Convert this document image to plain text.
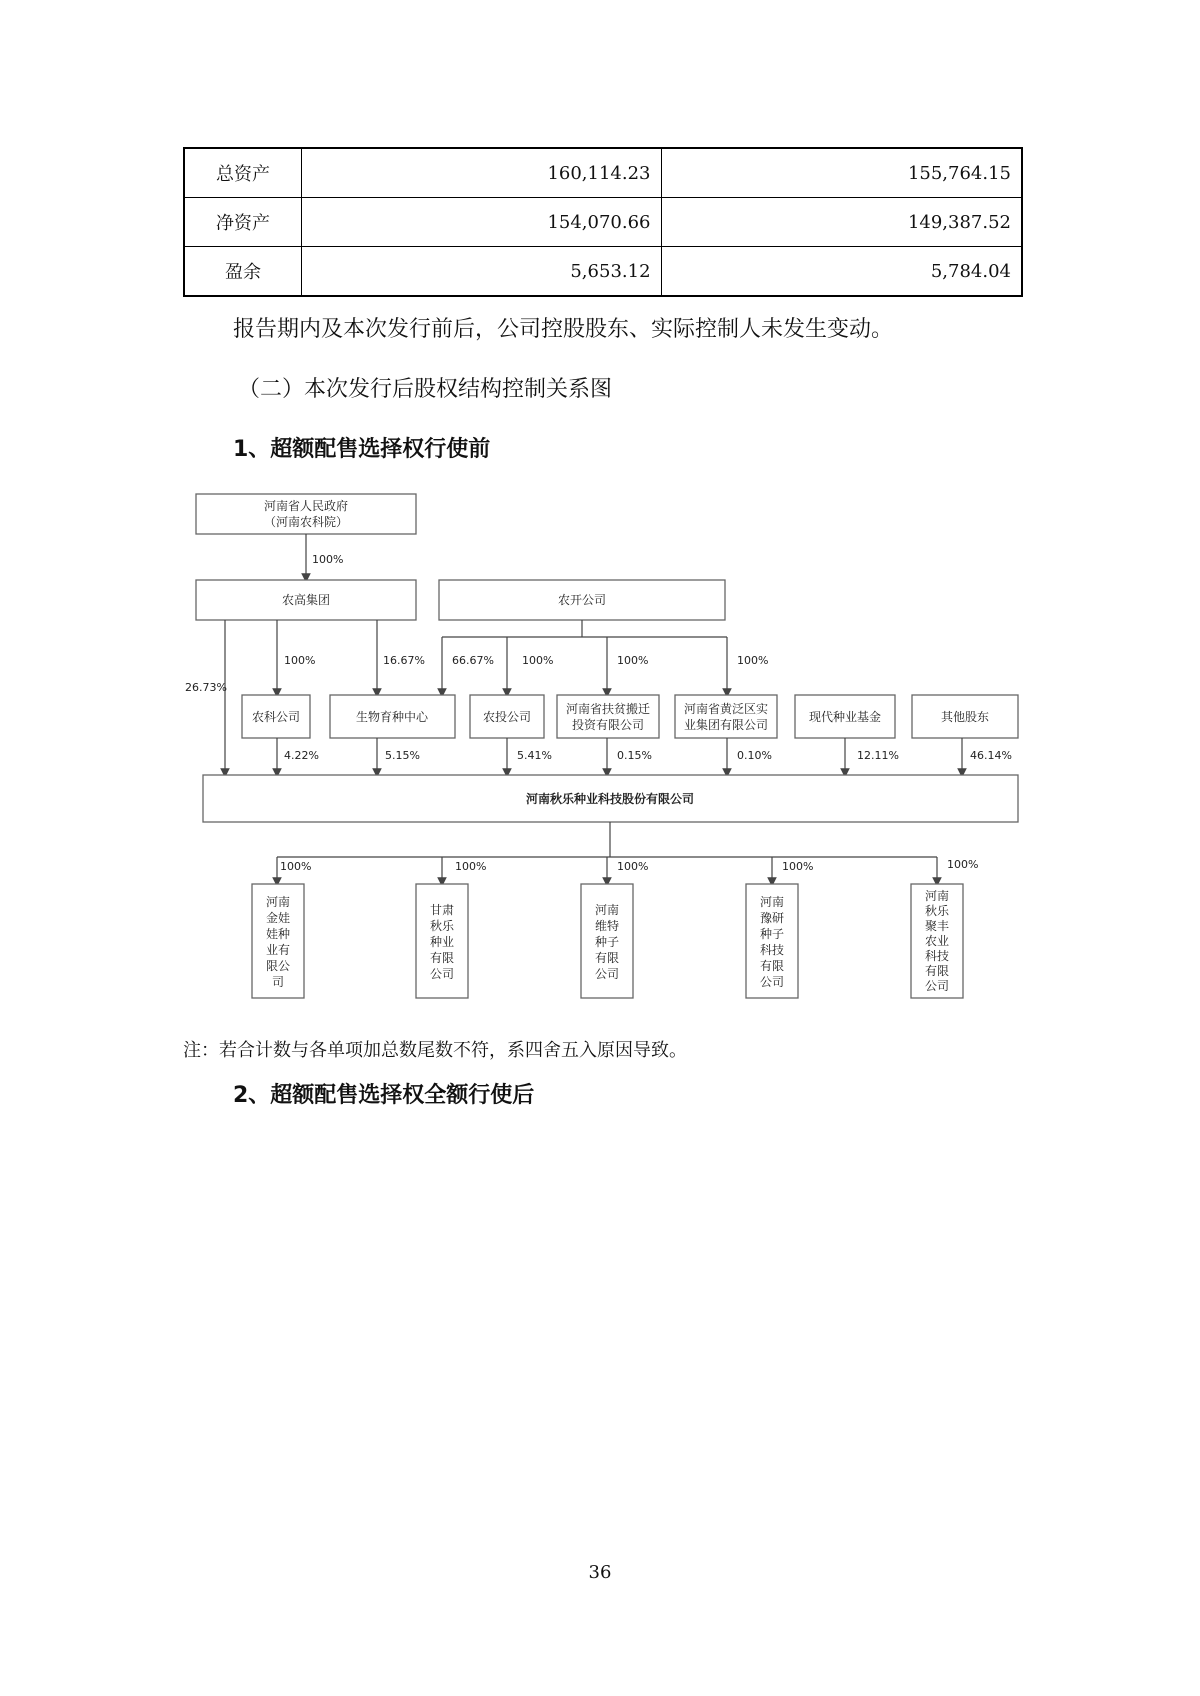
总资产	160,114.23	155,764.15
净资产	154,070.66	149,387.52
盈余	5,653.12	5,784.04
报告期内及本次发行前后，公司控股股东、实际控制人未发生变动。
（二）本次发行后股权结构控制关系图
1、超额配售选择权行使前
河南省人民政府
（河南农科院）
100%
农高集团	农开公司
26.73%
100%	16.67% 66.67%	100%	100%	100%
农科公司	生物育种中心	农投公司
河南省扶贫搬迁
投资有限公司
河南省黄泛区实
业集团有限公司
现代种业基金	其他股东
4.22%	5.15%	5.41%	0.15%	0.10%	12.11%	46.14%
河南秋乐种业科技股份有限公司
100%
河南
金娃
娃种
业有
限公
司
100%
甘肃
秋乐
种业
有限
公司
100%
河南
维特
种子
有限
公司
100%
河南
豫研
种子
科技
有限
公司
100%
河南
秋乐
聚丰
农业
科技
有限
公司
注：若合计数与各单项加总数尾数不符，系四舍五入原因导致。
2、超额配售选择权全额行使后
36
